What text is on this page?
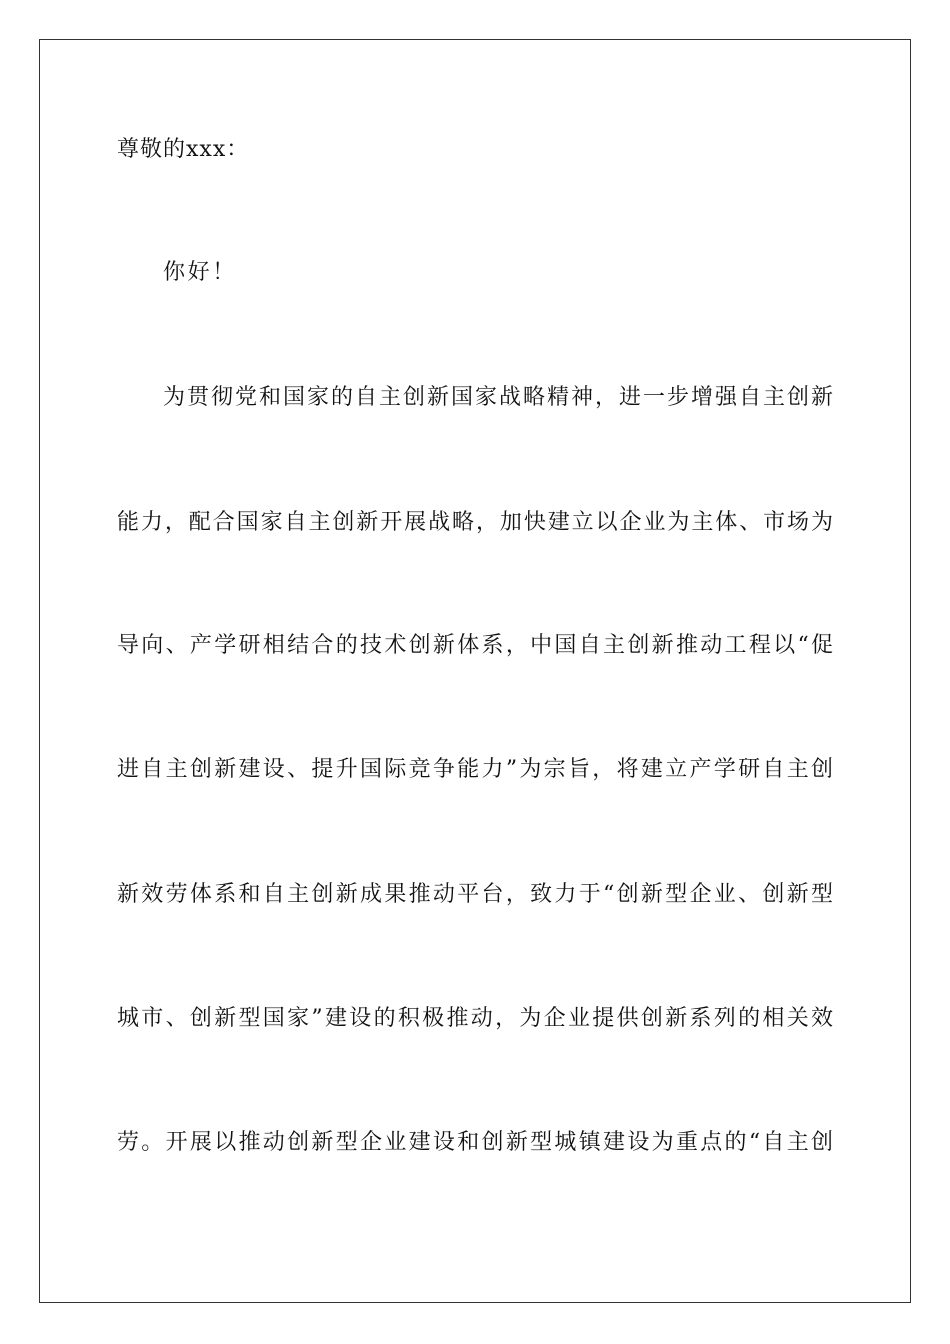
尊敬的xxx：
你好！
为贯彻党和国家的自主创新国家战略精神，进一步增强自主创新
能力，配合国家自主创新开展战略，加快建立以企业为主体、市场为
导向、产学研相结合的技术创新体系，中国自主创新推动工程以“促
进自主创新建设、提升国际竞争能力”为宗旨，将建立产学研自主创
新效劳体系和自主创新成果推动平台，致力于“创新型企业、创新型
城市、创新型国家”建设的积极推动，为企业提供创新系列的相关效
劳。开展以推动创新型企业建设和创新型城镇建设为重点的“自主创
